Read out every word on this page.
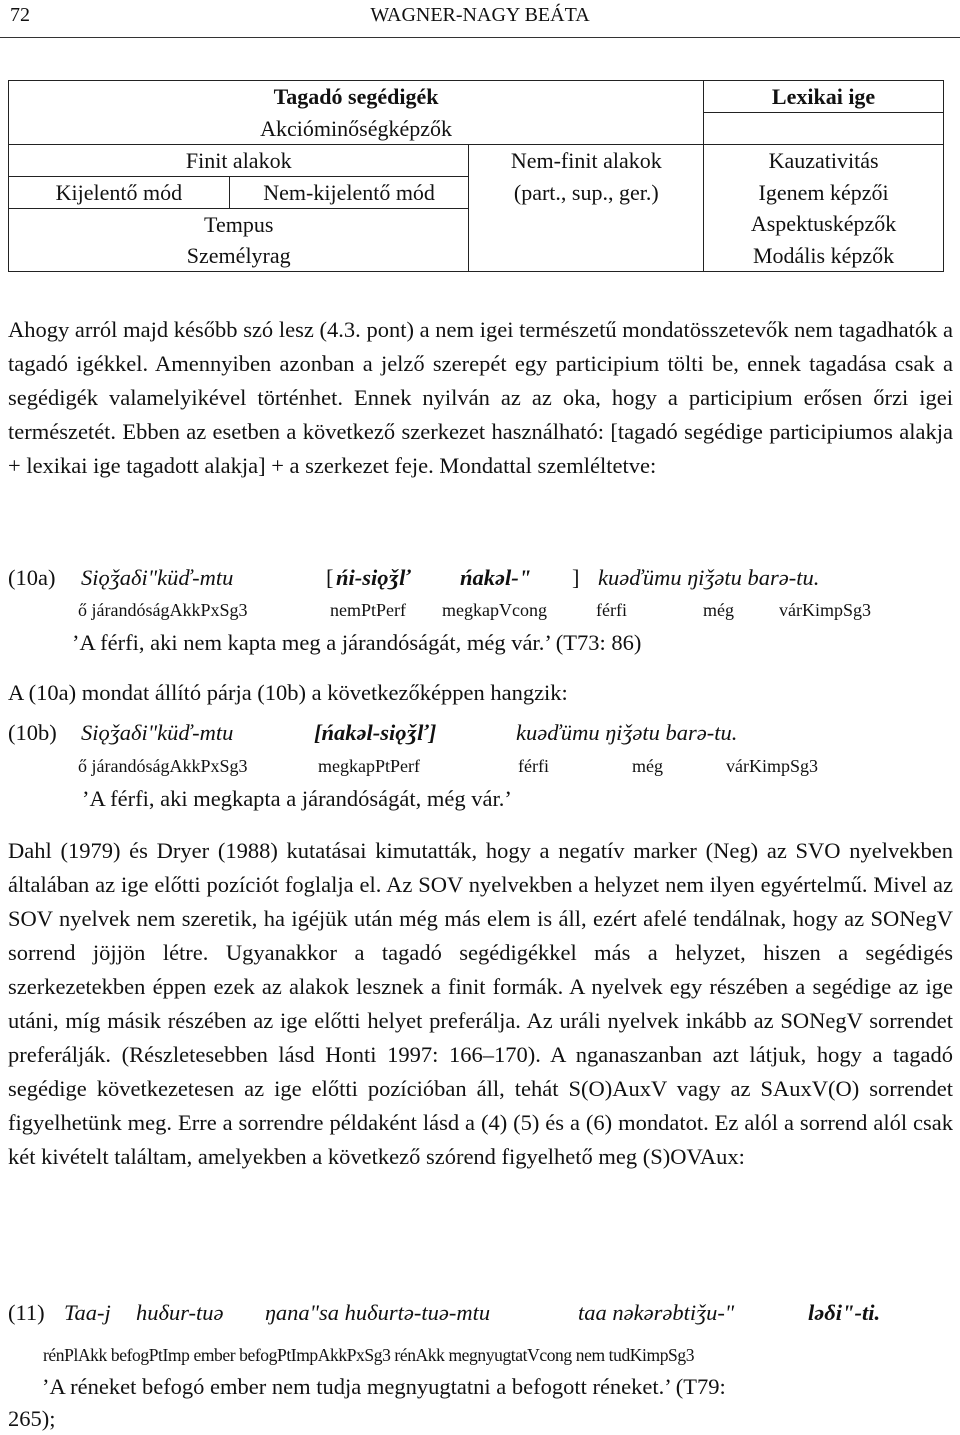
72	WAGNER-NAGY BEÁTA
Tagadó segédigék			Lexikai ige
Akcióminőségképzők			
Finit alakok		Nem-finit alakok	Kauzativitás
Kijelentő mód	Nem-kijelentő mód	(part., sup., ger.)	Igenem képzői
Tempus			Aspektusképzők
Személyrag			Modális képzők

Ahogy arról majd később szó lesz (4.3. pont) a nem igei természetű mondatösszetevők nem tagadhatók a tagadó igékkel. Amennyiben azonban a jelző szerepét egy participium tölti be, ennek tagadása csak a segédigék valamelyikével történhet. Ennek nyilván az az oka, hogy a participium erősen őrzi igei természetét. Ebben az esetben a következő szerkezet használható: [tagadó segédige participiumos alakja + lexikai ige tagadott alakja] + a szerkezet feje. Mondattal szemléltetve:

(10a) Siǫǯaδi"küď-mtu	[ ńi-siǫǯľ ńakəl-" ] kuəďümu ŋiǯətu barə-tu.
ő járandóságAkkPxSg3	nemPtPerf megkapVcong	férfi	még	várKimpSg3
’A férfi, aki nem kapta meg a járandóságát, még vár.’ (T73: 86)

A (10a) mondat állító párja (10b) a következőképpen hangzik:

(10b) Siǫǯaδi"küď-mtu	[ńakəl-siǫǯľ]	kuəďümu ŋiǯətu barə-tu.
ő járandóságAkkPxSg3	megkapPtPerf	férfi	még	várKimpSg3
’A férfi, aki megkapta a járandóságát, még vár.’

Dahl (1979) és Dryer (1988) kutatásai kimutatták, hogy a negatív marker (Neg) az SVO nyelvekben általában az ige előtti pozíciót foglalja el. Az SOV nyelvekben a helyzet nem ilyen egyértelmű. Mivel az SOV nyelvek nem szeretik, ha igéjük után még más elem is áll, ezért afelé tendálnak, hogy az SONegV sorrend jöjjön létre. Ugyanakkor a tagadó segédigékkel más a helyzet, hiszen a segédigés szerkezetekben éppen ezek az alakok lesznek a finit formák. A nyelvek egy részében a segédige az ige utáni, míg másik részében az ige előtti helyet preferálja. Az uráli nyelvek inkább az SONegV sorrendet preferálják. (Részletesebben lásd Honti 1997: 166–170). A nganaszanban azt látjuk, hogy a tagadó segédige következetesen az ige előtti pozícióban áll, tehát S(O)AuxV vagy az SAuxV(O) sorrendet figyelhetünk meg. Erre a sorrendre példaként lásd a (4) (5) és a (6) mondatot. Ez alól a sorrend alól csak két kivételt találtam, amelyekben a következő szórend figyelhető meg (S)OVAux:

(11) Taa-j huδur-tuə ŋana"sa huδurtə-tuə-mtu	taa nəkərəbtiǯu-"	ləδi"-ti.
rénPlAkk befogPtImp ember befogPtImpAkkPxSg3 rénAkk megnyugtatVcong nem tudKimpSg3
’A réneket befogó ember nem tudja megnyugtatni a befogott réneket.’ (T79:
265);
